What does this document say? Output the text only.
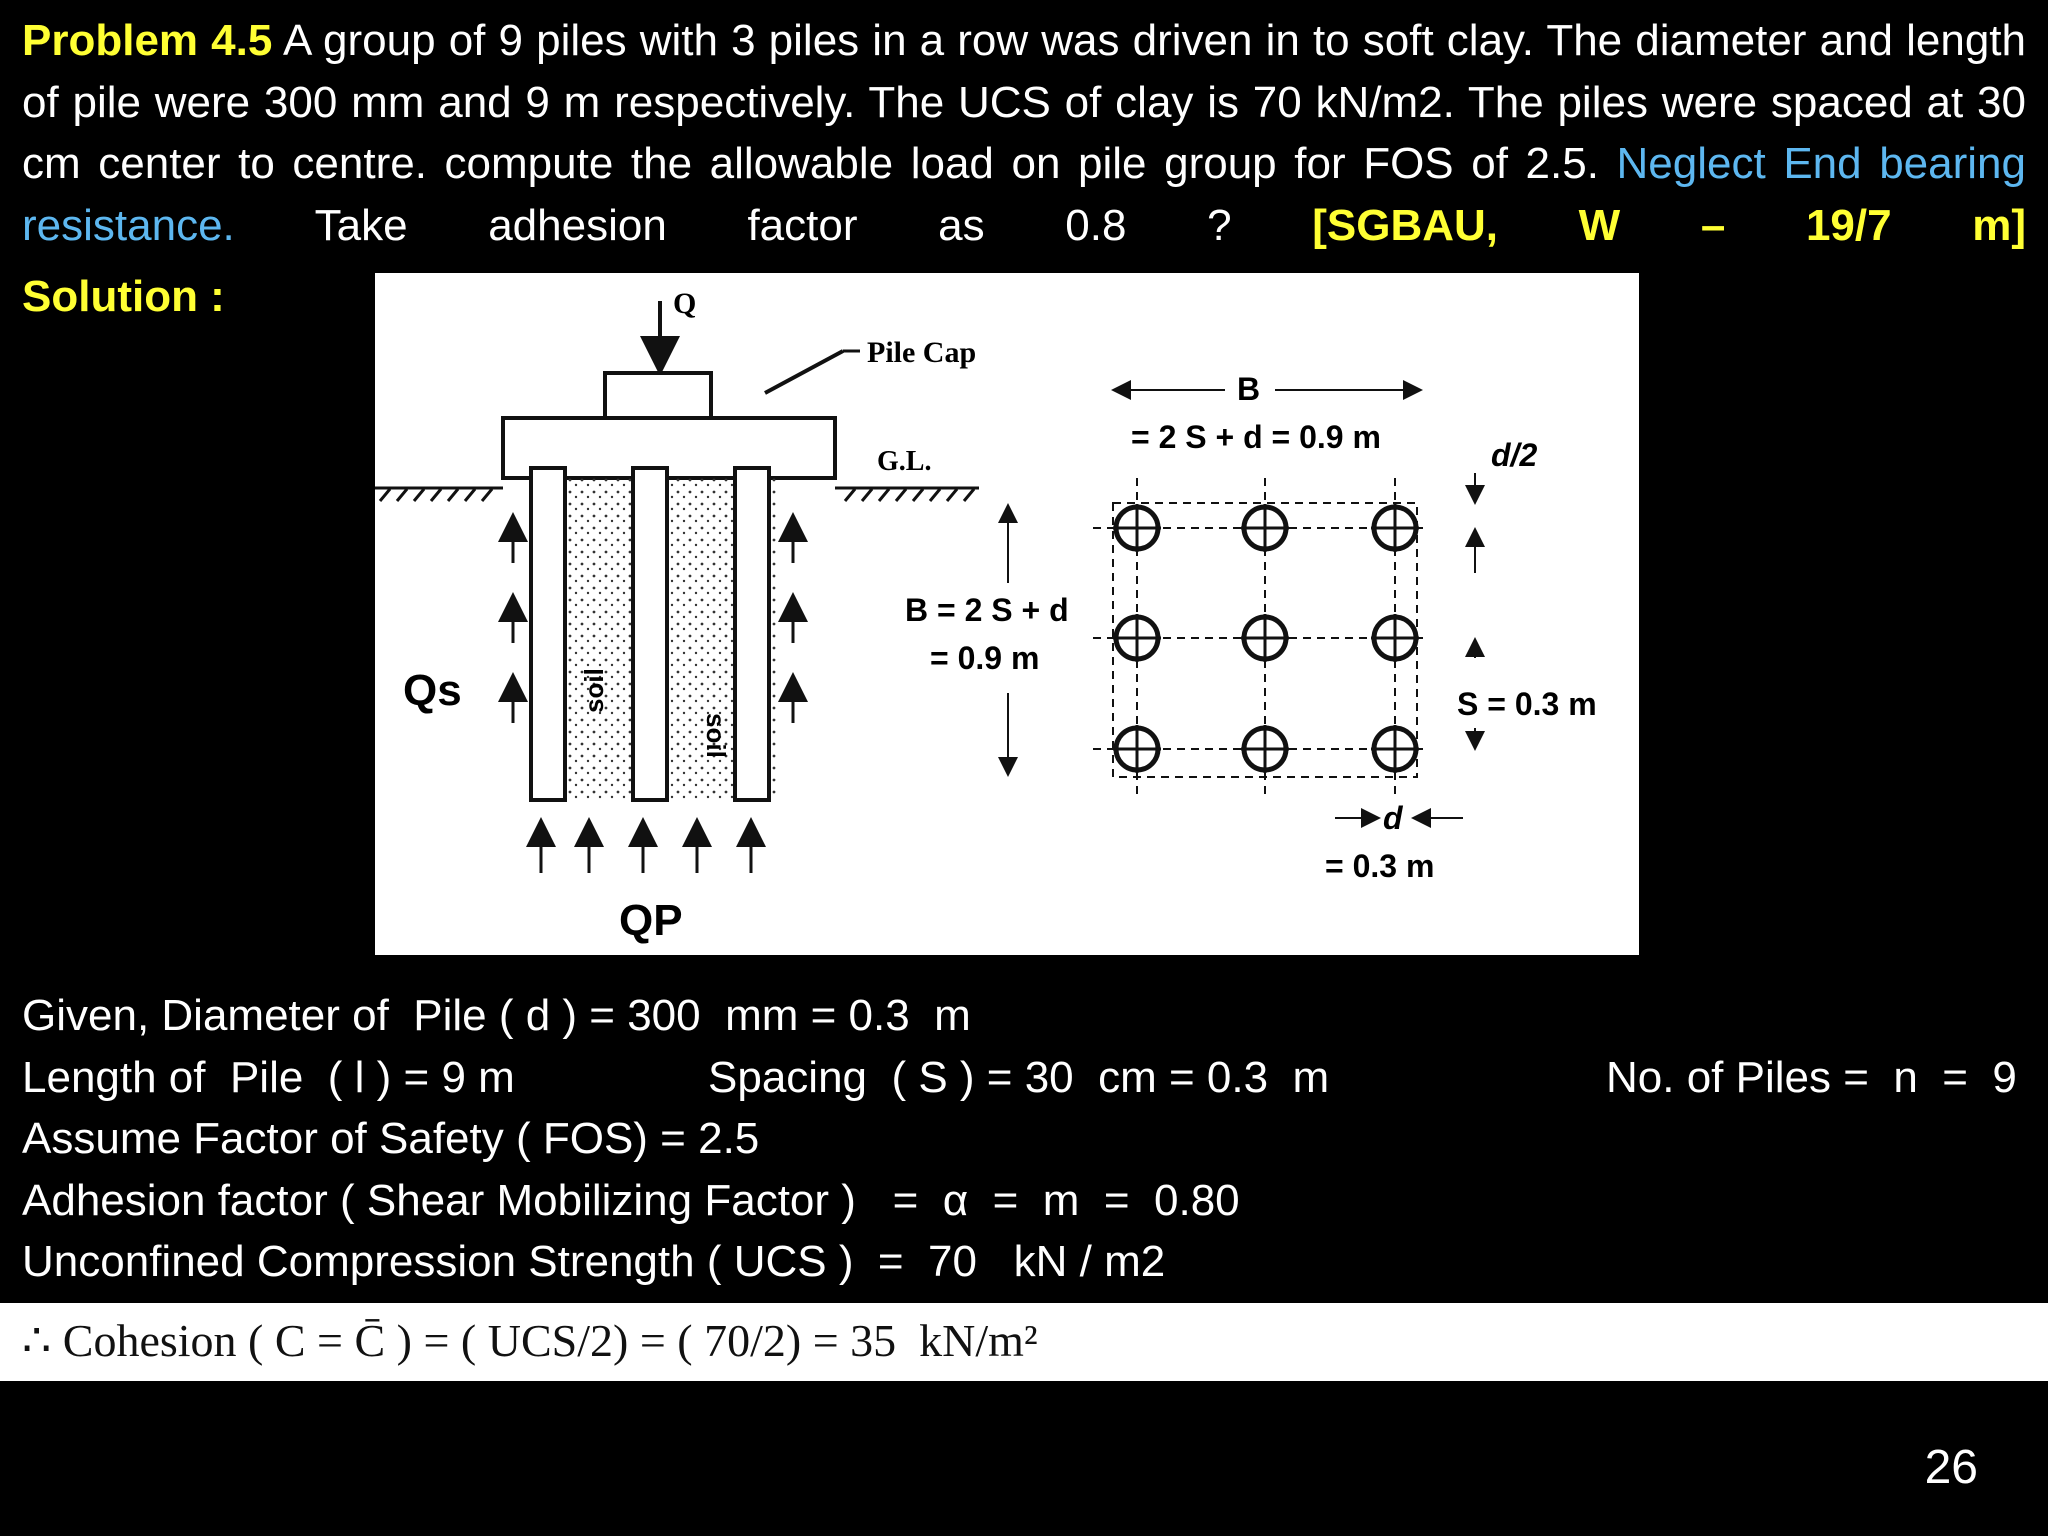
Problem 4.5 A group of 9 piles with 3 piles in a row was driven in to soft clay. The diameter and length of pile were 300 mm and 9 m respectively. The UCS of clay is 70 kN/m2. The piles were spaced at 30 cm center to centre. compute the allowable load on pile group for FOS of 2.5. Neglect End bearing resistance. Take adhesion factor as 0.8 ? [SGBAU, W – 19/7 m]

Solution :	Q
Pile Cap
G.L.
soil
soil
Qs
QP
B
= 2 S + d = 0.9 m	d/2
B = 2 S + d
= 0.9 m
S = 0.3 m
d
= 0.3 m
Given, Diameter of  Pile ( d ) = 300  mm = 0.3  m
Length of  Pile  ( l ) = 9 m	Spacing  ( S ) = 30  cm = 0.3  m	No. of Piles =  n  =  9
Assume Factor of Safety ( FOS) = 2.5
Adhesion factor ( Shear Mobilizing Factor )   =  α  =  m  =  0.80
Unconfined Compression Strength ( UCS )  =  70   kN / m2
∴ Cohesion ( C = C̄ ) = ( UCS/2) = ( 70/2) = 35  kN/m²
26
